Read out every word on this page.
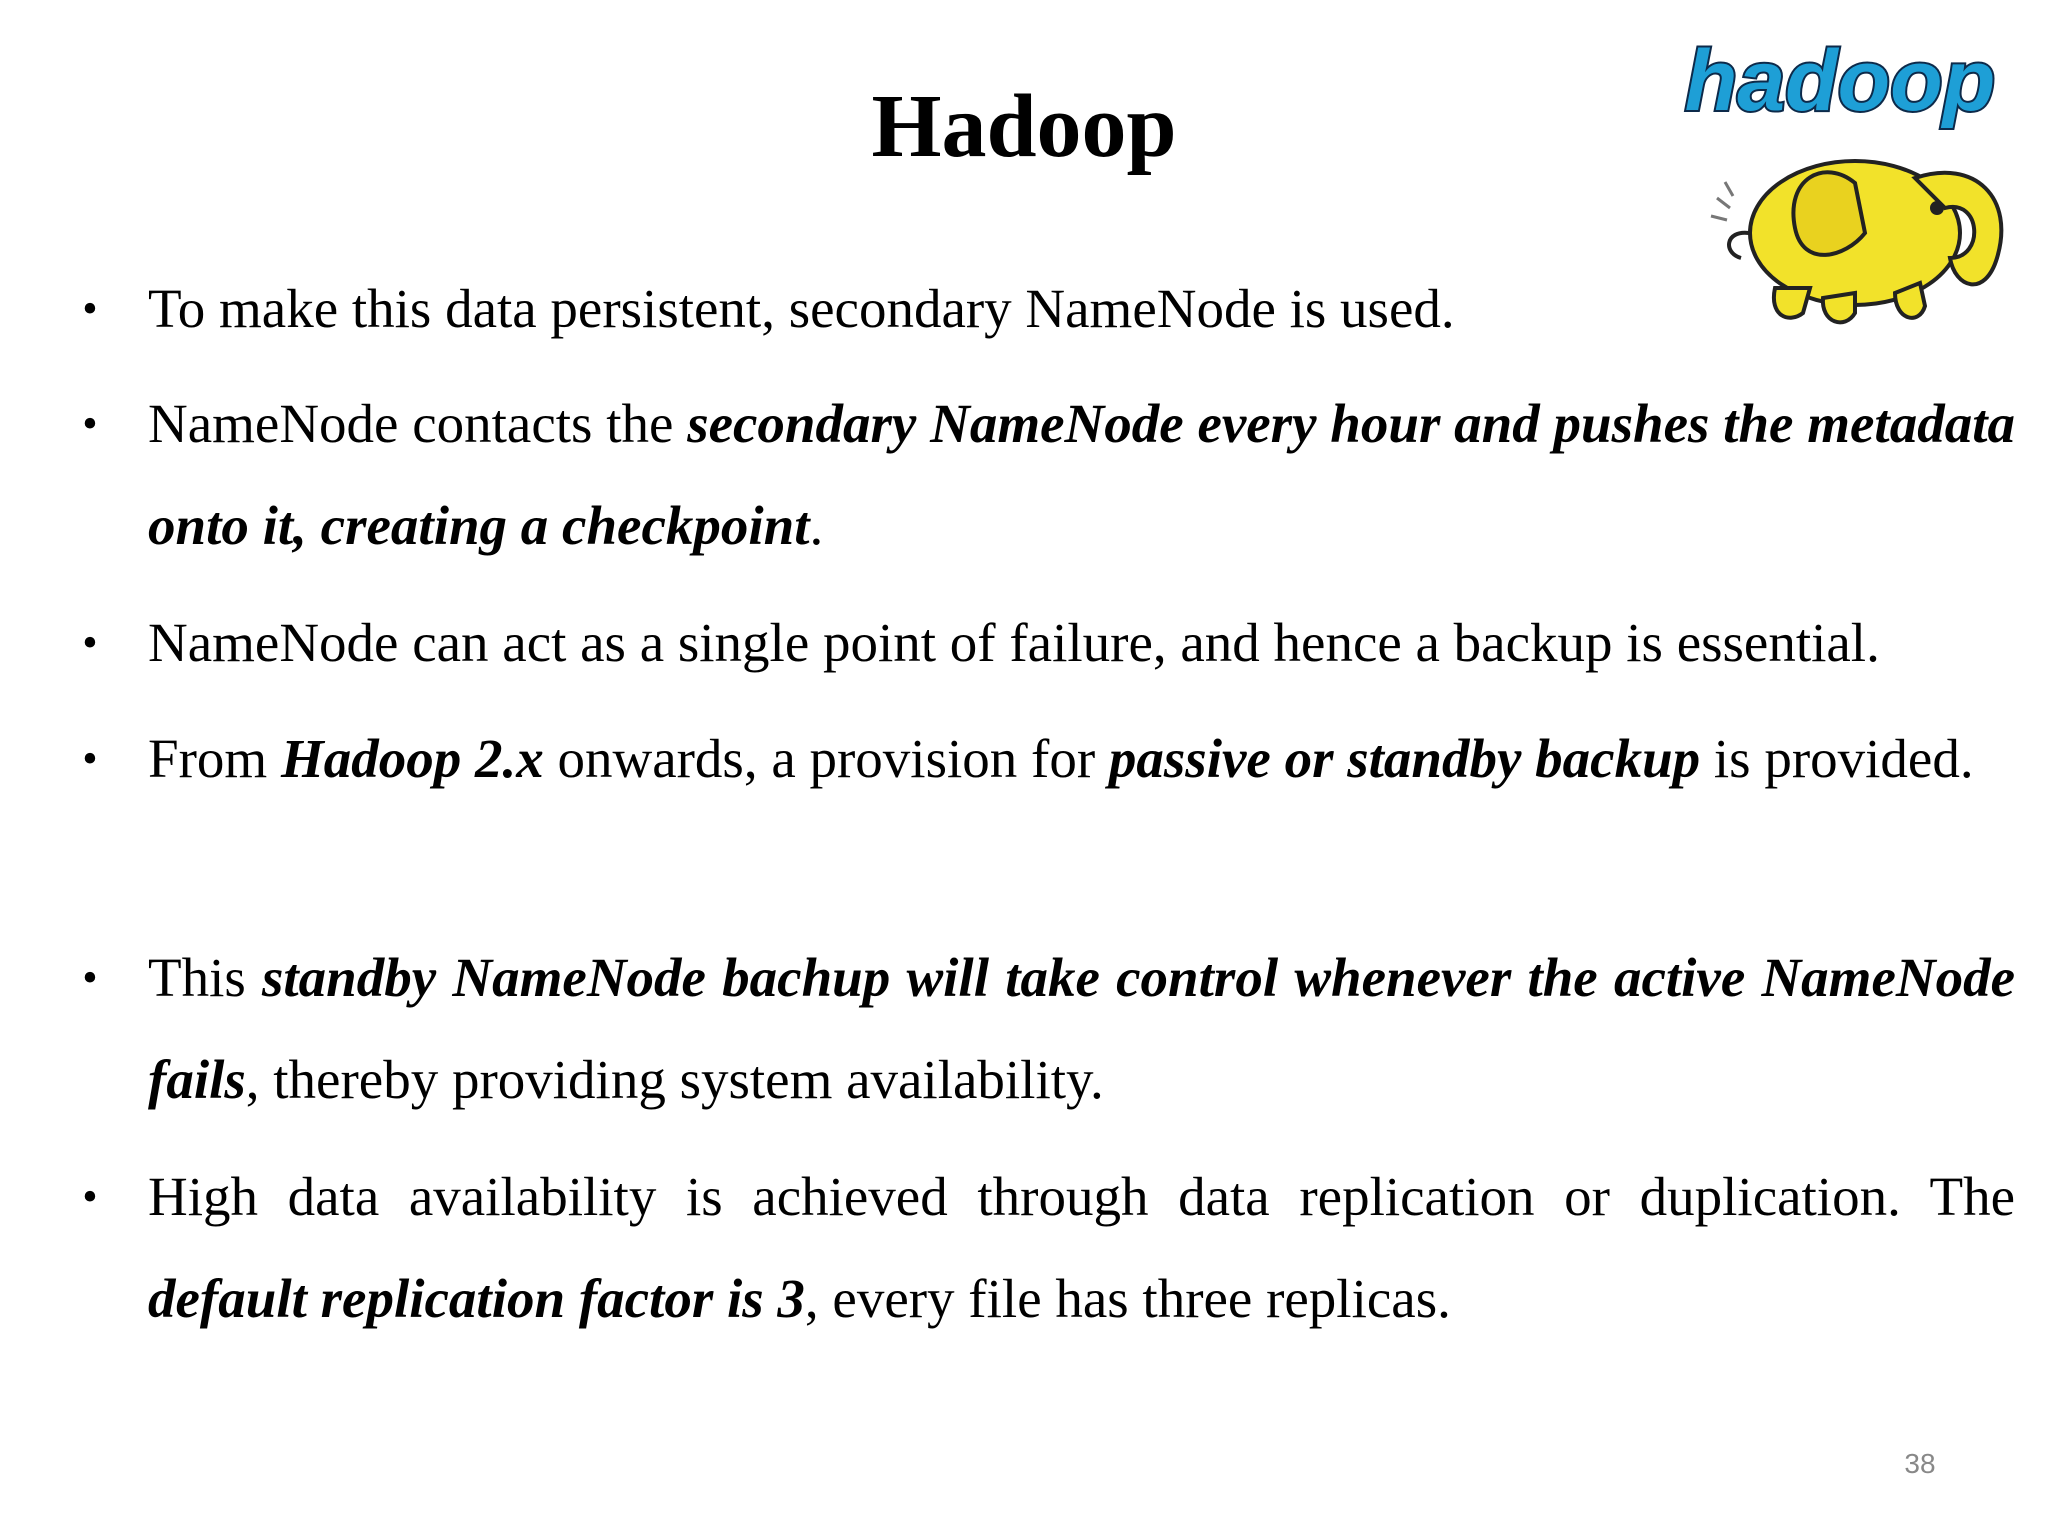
Hadoop	hadoop
• To make this data persistent, secondary NameNode is used.
• NameNode contacts the secondary NameNode every hour and pushes the metadata onto it, creating a checkpoint.
• NameNode can act as a single point of failure, and hence a backup is essential.
• From Hadoop 2.x onwards, a provision for passive or standby backup is provided.
• This standby NameNode bachup will take control whenever the active NameNode fails, thereby providing system availability.
• High data availability is achieved through data replication or duplication. The default replication factor is 3, every file has three replicas.
38
